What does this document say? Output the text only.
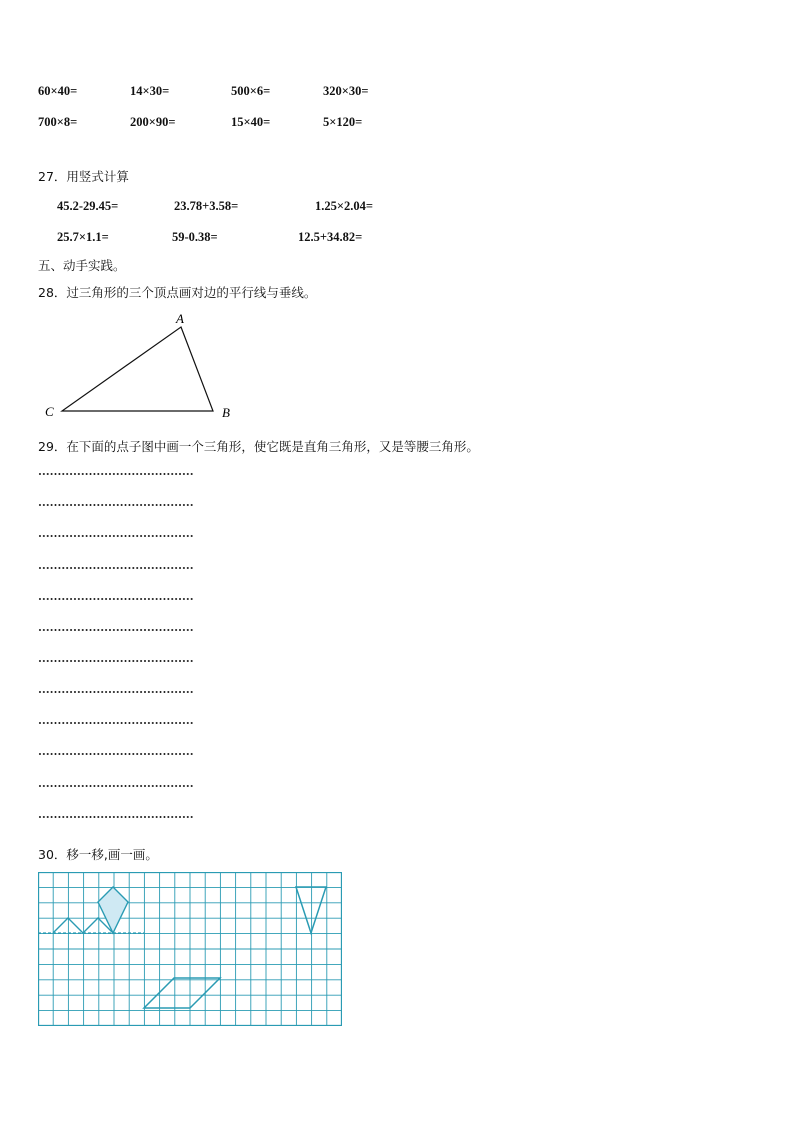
60×40=	14×30=	500×6=	320×30=
700×8=	200×90=	15×40=	5×120=
27．用竖式计算
45.2-29.45=	23.78+3.58=	1.25×2.04=
25.7×1.1=	59-0.38=	12.5+34.82=
五、动手实践。
28．过三角形的三个顶点画对边的平行线与垂线。
A
B
C
29．在下面的点子图中画一个三角形，使它既是直角三角形，又是等腰三角形。
30．移一移,画一画。
